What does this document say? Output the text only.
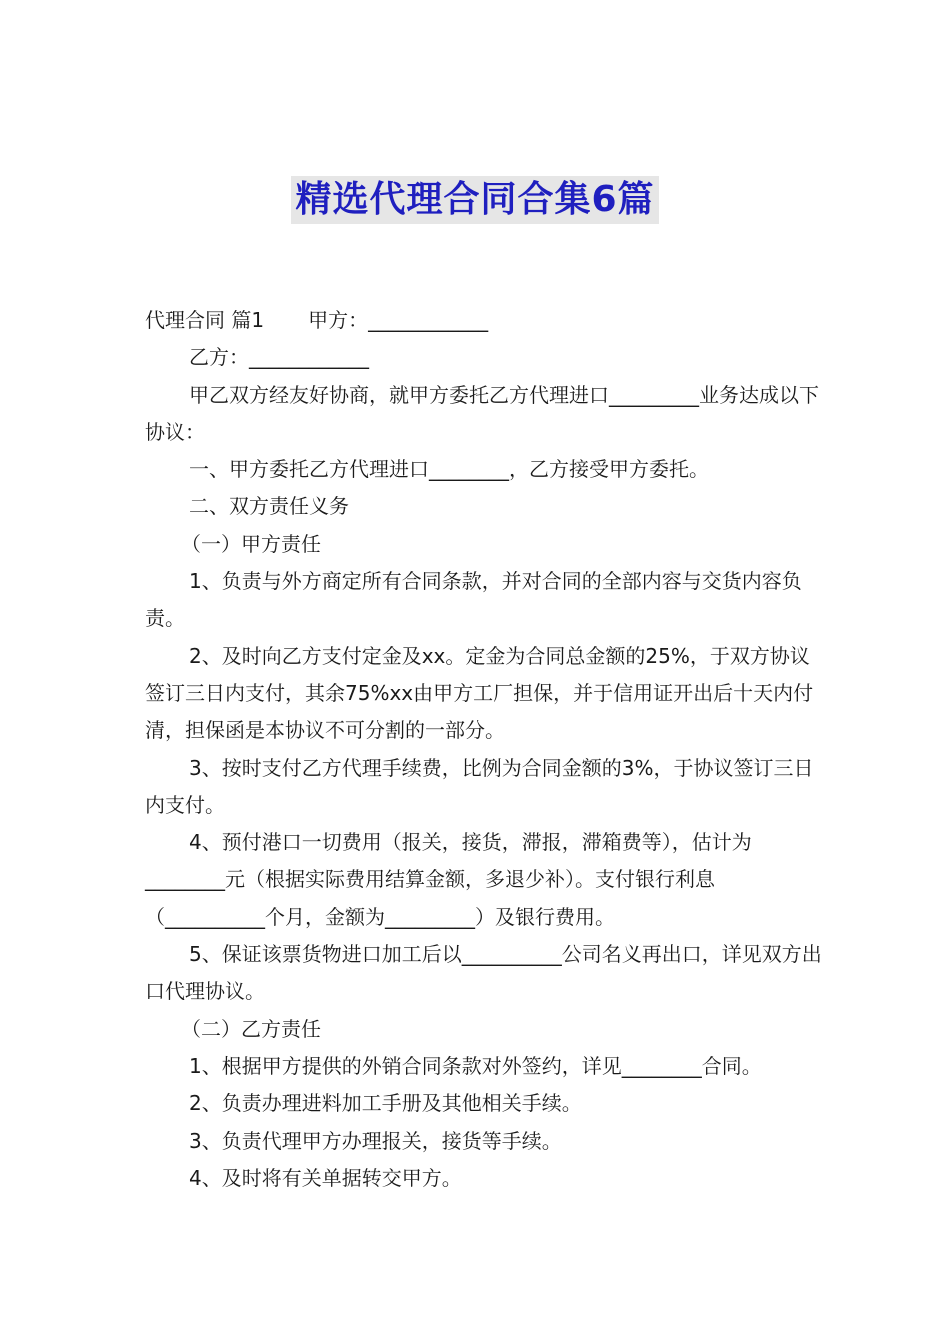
精选代理合同合集6篇

代理合同 篇1 甲方：____________

乙方：____________

甲乙双方经友好协商，就甲方委托乙方代理进口_________业务达成以下协议：

一、甲方委托乙方代理进口________，乙方接受甲方委托。

二、双方责任义务

（一）甲方责任

1、负责与外方商定所有合同条款，并对合同的全部内容与交货内容负责。

2、及时向乙方支付定金及xx。定金为合同总金额的25%，于双方协议签订三日内支付，其余75%xx由甲方工厂担保，并于信用证开出后十天内付清，担保函是本协议不可分割的一部分。

3、按时支付乙方代理手续费，比例为合同金额的3%，于协议签订三日内支付。

4、预付港口一切费用（报关，接货，滞报，滞箱费等），估计为________元（根据实际费用结算金额，多退少补）。支付银行利息（__________个月，金额为_________）及银行费用。

5、保证该票货物进口加工后以__________公司名义再出口，详见双方出口代理协议。

（二）乙方责任

1、根据甲方提供的外销合同条款对外签约，详见________合同。

2、负责办理进料加工手册及其他相关手续。

3、负责代理甲方办理报关，接货等手续。

4、及时将有关单据转交甲方。
